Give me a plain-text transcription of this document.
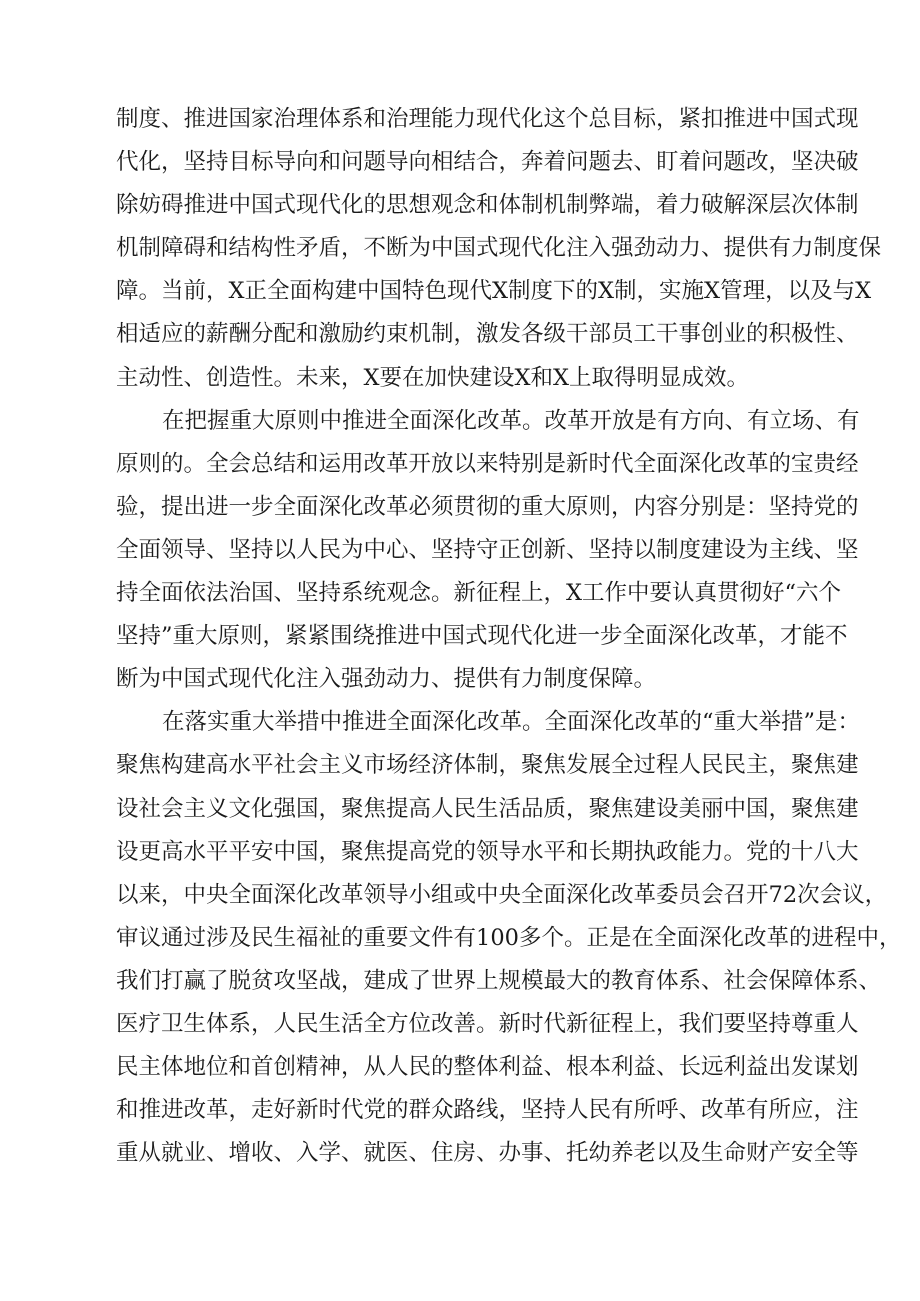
制度、推进国家治理体系和治理能力现代化这个总目标，紧扣推进中国式现
代化，坚持目标导向和问题导向相结合，奔着问题去、盯着问题改，坚决破
除妨碍推进中国式现代化的思想观念和体制机制弊端，着力破解深层次体制
机制障碍和结构性矛盾，不断为中国式现代化注入强劲动力、提供有力制度保
障。当前，X正全面构建中国特色现代X制度下的X制，实施X管理，以及与X
相适应的薪酬分配和激励约束机制，激发各级干部员工干事创业的积极性、
主动性、创造性。未来，X要在加快建设X和X上取得明显成效。
在把握重大原则中推进全面深化改革。改革开放是有方向、有立场、有
原则的。全会总结和运用改革开放以来特别是新时代全面深化改革的宝贵经
验，提出进一步全面深化改革必须贯彻的重大原则，内容分别是：坚持党的
全面领导、坚持以人民为中心、坚持守正创新、坚持以制度建设为主线、坚
持全面依法治国、坚持系统观念。新征程上，X工作中要认真贯彻好“六个
坚持”重大原则，紧紧围绕推进中国式现代化进一步全面深化改革，才能不
断为中国式现代化注入强劲动力、提供有力制度保障。
在落实重大举措中推进全面深化改革。全面深化改革的“重大举措”是：
聚焦构建高水平社会主义市场经济体制，聚焦发展全过程人民民主，聚焦建
设社会主义文化强国，聚焦提高人民生活品质，聚焦建设美丽中国，聚焦建
设更高水平平安中国，聚焦提高党的领导水平和长期执政能力。党的十八大
以来，中央全面深化改革领导小组或中央全面深化改革委员会召开72次会议，
审议通过涉及民生福祉的重要文件有100多个。正是在全面深化改革的进程中，
我们打赢了脱贫攻坚战，建成了世界上规模最大的教育体系、社会保障体系、
医疗卫生体系，人民生活全方位改善。新时代新征程上，我们要坚持尊重人
民主体地位和首创精神，从人民的整体利益、根本利益、长远利益出发谋划
和推进改革，走好新时代党的群众路线，坚持人民有所呼、改革有所应，注
重从就业、增收、入学、就医、住房、办事、托幼养老以及生命财产安全等
